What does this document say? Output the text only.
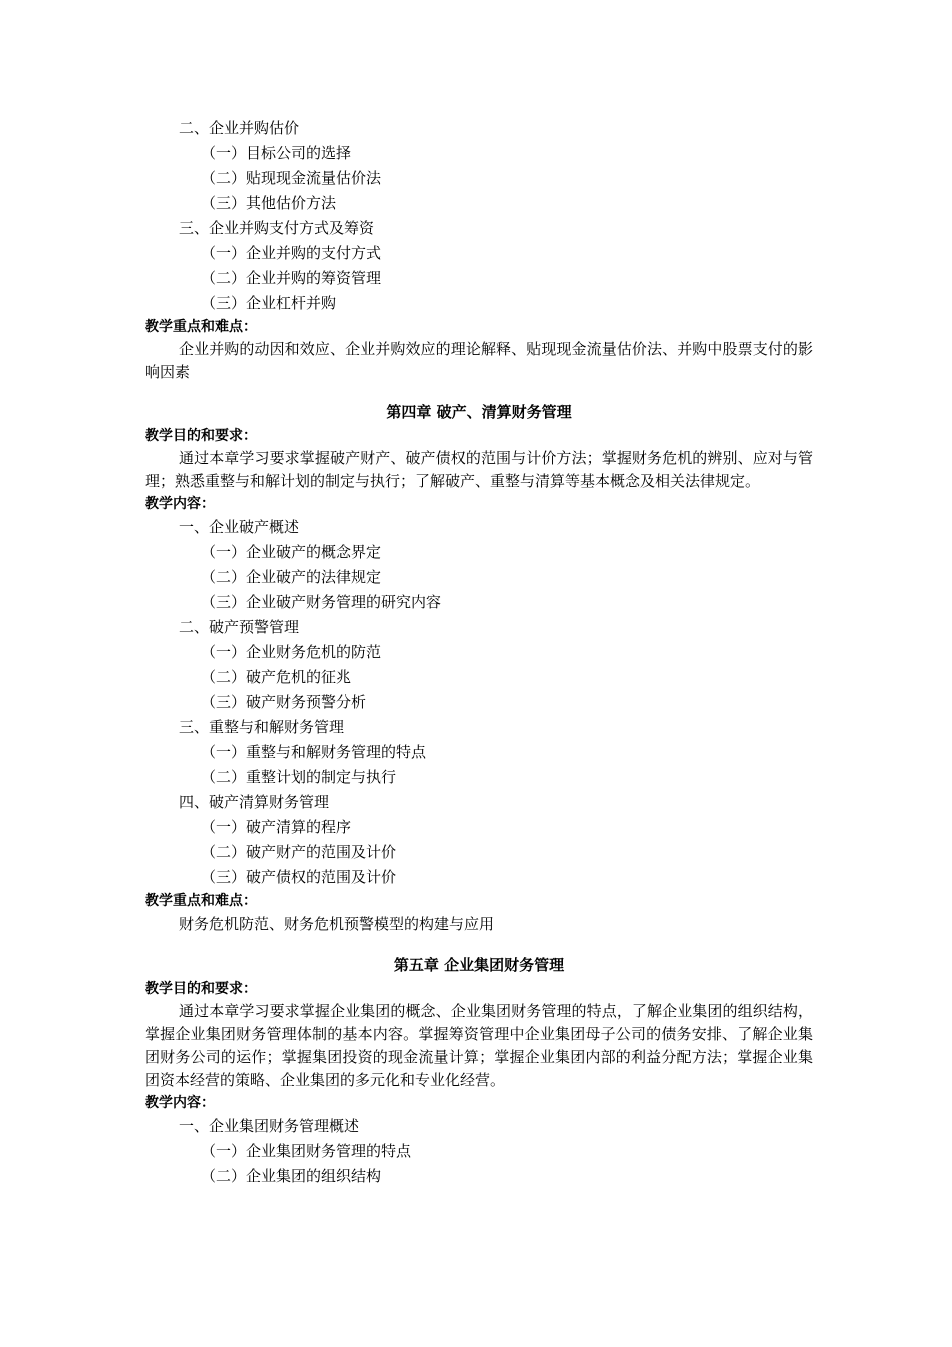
二、企业并购估价
（一）目标公司的选择
（二）贴现现金流量估价法
（三）其他估价方法
三、企业并购支付方式及筹资
（一）企业并购的支付方式
（二）企业并购的筹资管理
（三）企业杠杆并购
教学重点和难点：
企业并购的动因和效应、企业并购效应的理论解释、贴现现金流量估价法、并购中股票支付的影响因素
第四章 破产、清算财务管理
教学目的和要求：
通过本章学习要求掌握破产财产、破产债权的范围与计价方法；掌握财务危机的辨别、应对与管理；熟悉重整与和解计划的制定与执行；了解破产、重整与清算等基本概念及相关法律规定。
教学内容：
一、企业破产概述
（一）企业破产的概念界定
（二）企业破产的法律规定
（三）企业破产财务管理的研究内容
二、破产预警管理
（一）企业财务危机的防范
（二）破产危机的征兆
（三）破产财务预警分析
三、重整与和解财务管理
（一）重整与和解财务管理的特点
（二）重整计划的制定与执行
四、破产清算财务管理
（一）破产清算的程序
（二）破产财产的范围及计价
（三）破产债权的范围及计价
教学重点和难点：
财务危机防范、财务危机预警模型的构建与应用
第五章 企业集团财务管理
教学目的和要求：
通过本章学习要求掌握企业集团的概念、企业集团财务管理的特点，了解企业集团的组织结构，掌握企业集团财务管理体制的基本内容。掌握筹资管理中企业集团母子公司的债务安排、了解企业集团财务公司的运作；掌握集团投资的现金流量计算；掌握企业集团内部的利益分配方法；掌握企业集团资本经营的策略、企业集团的多元化和专业化经营。
教学内容：
一、企业集团财务管理概述
（一）企业集团财务管理的特点
（二）企业集团的组织结构
